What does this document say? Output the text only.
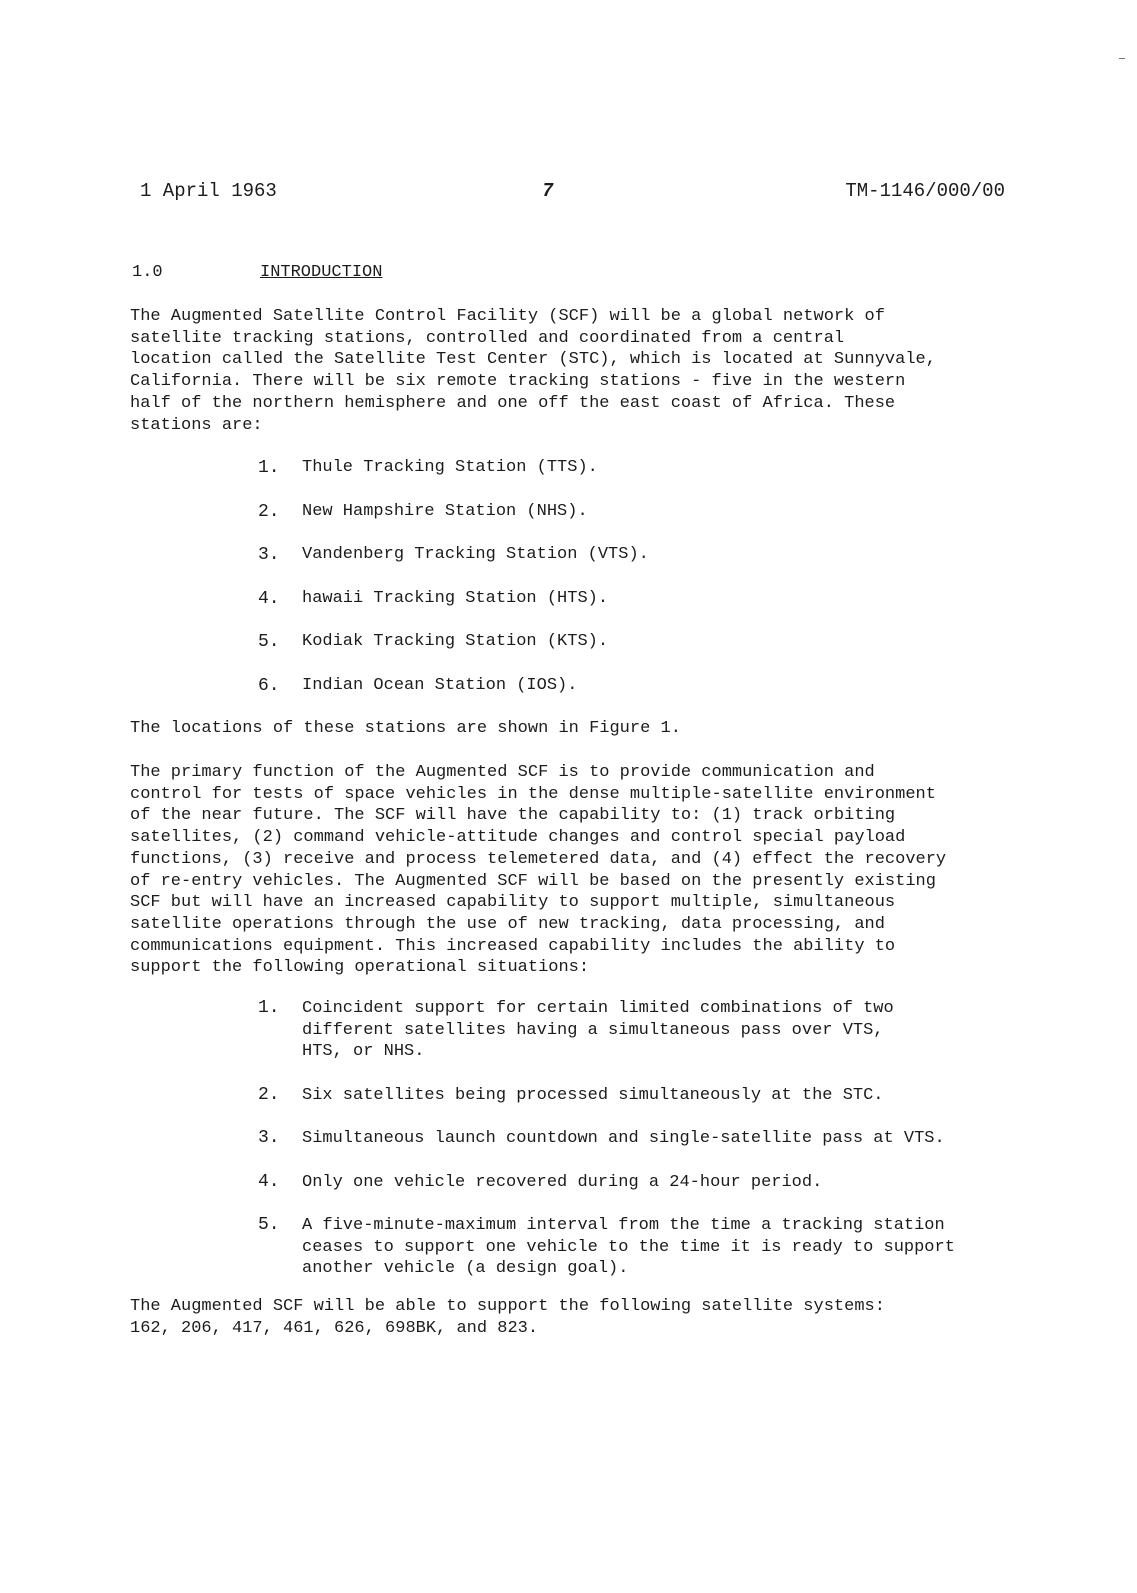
1 April 1963	7	TM-1146/000/00
1.0	INTRODUCTION

The Augmented Satellite Control Facility (SCF) will be a global network of
satellite tracking stations, controlled and coordinated from a central
location called the Satellite Test Center (STC), which is located at Sunnyvale,
California. There will be six remote tracking stations - five in the western
half of the northern hemisphere and one off the east coast of Africa. These
stations are:

1.	Thule Tracking Station (TTS).
2.	New Hampshire Station (NHS).
3.	Vandenberg Tracking Station (VTS).
4.	hawaii Tracking Station (HTS).
5.	Kodiak Tracking Station (KTS).
6.	Indian Ocean Station (IOS).

The locations of these stations are shown in Figure 1.

The primary function of the Augmented SCF is to provide communication and
control for tests of space vehicles in the dense multiple-satellite environment
of the near future. The SCF will have the capability to: (1) track orbiting
satellites, (2) command vehicle-attitude changes and control special payload
functions, (3) receive and process telemetered data, and (4) effect the recovery
of re-entry vehicles. The Augmented SCF will be based on the presently existing
SCF but will have an increased capability to support multiple, simultaneous
satellite operations through the use of new tracking, data processing, and
communications equipment. This increased capability includes the ability to
support the following operational situations:

1.	Coincident support for certain limited combinations of two
different satellites having a simultaneous pass over VTS,
HTS, or NHS.
2.	Six satellites being processed simultaneously at the STC.
3.	Simultaneous launch countdown and single-satellite pass at VTS.
4.	Only one vehicle recovered during a 24-hour period.
5.	A five-minute-maximum interval from the time a tracking station
ceases to support one vehicle to the time it is ready to support
another vehicle (a design goal).

The Augmented SCF will be able to support the following satellite systems:
162, 206, 417, 461, 626, 698BK, and 823.
